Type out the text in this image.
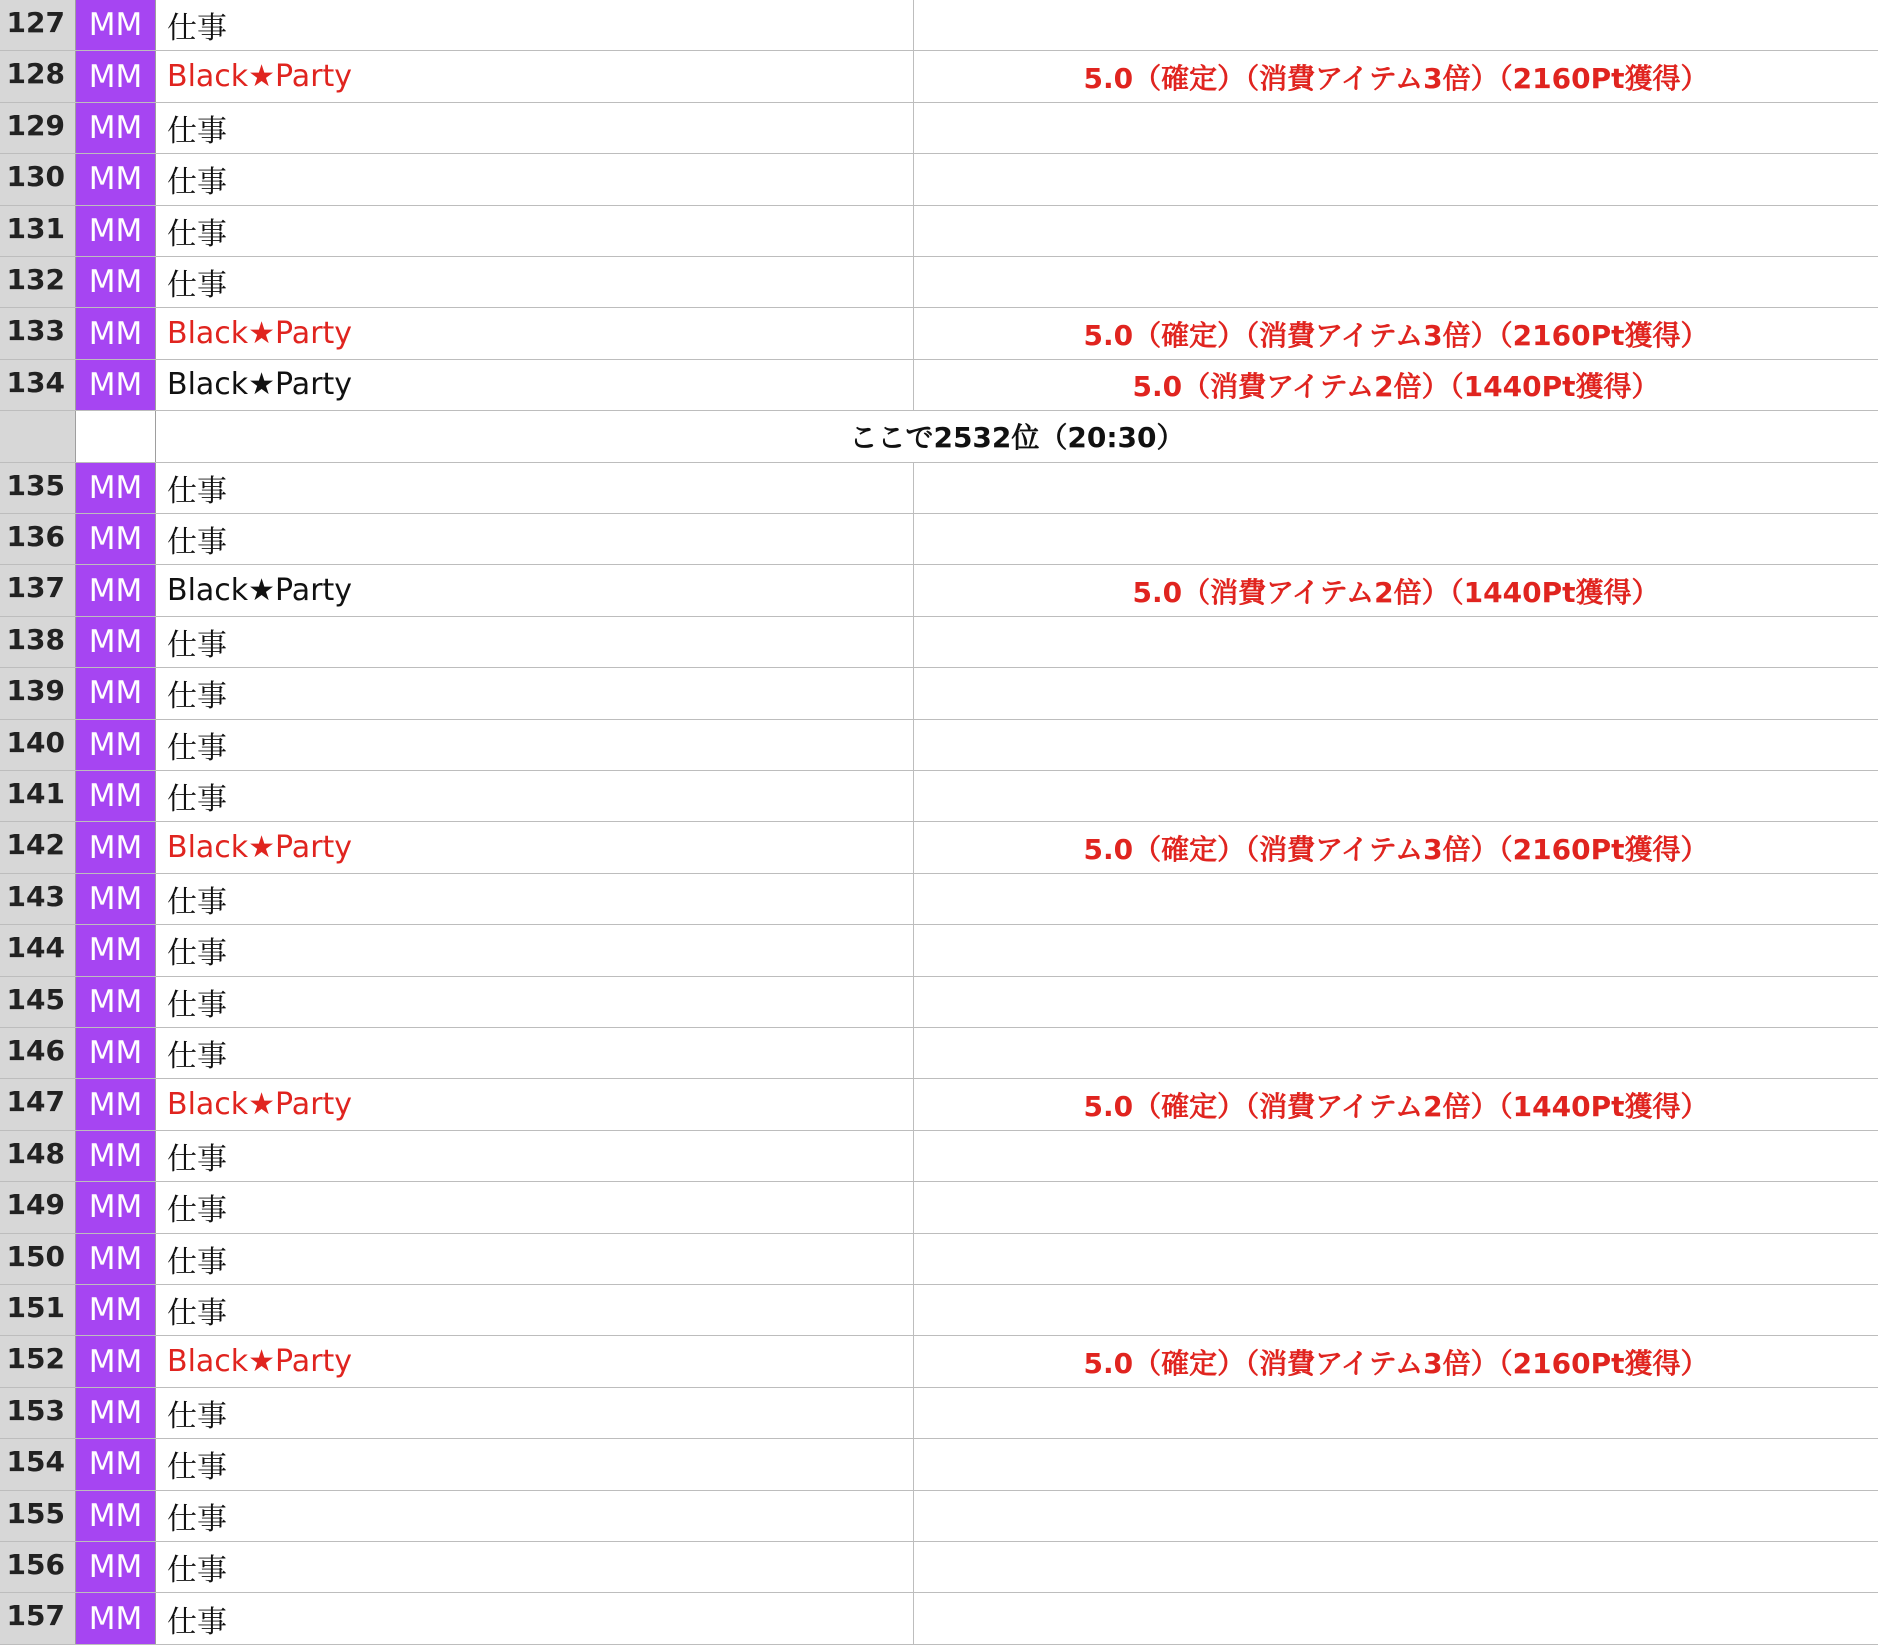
127 MM 仕事
128 MM Black★Party	5.0（確定）（消費アイテム3倍）（2160Pt獲得）
129 MM 仕事
130 MM 仕事
131 MM 仕事
132 MM 仕事
133 MM Black★Party	5.0（確定）（消費アイテム3倍）（2160Pt獲得）
134 MM Black★Party	5.0（消費アイテム2倍）（1440Pt獲得）
ここで2532位（20:30）
135 MM 仕事
136 MM 仕事
137 MM Black★Party	5.0（消費アイテム2倍）（1440Pt獲得）
138 MM 仕事
139 MM 仕事
140 MM 仕事
141 MM 仕事
142 MM Black★Party	5.0（確定）（消費アイテム3倍）（2160Pt獲得）
143 MM 仕事
144 MM 仕事
145 MM 仕事
146 MM 仕事
147 MM Black★Party	5.0（確定）（消費アイテム2倍）（1440Pt獲得）
148 MM 仕事
149 MM 仕事
150 MM 仕事
151 MM 仕事
152 MM Black★Party	5.0（確定）（消費アイテム3倍）（2160Pt獲得）
153 MM 仕事
154 MM 仕事
155 MM 仕事
156 MM 仕事
157 MM 仕事
